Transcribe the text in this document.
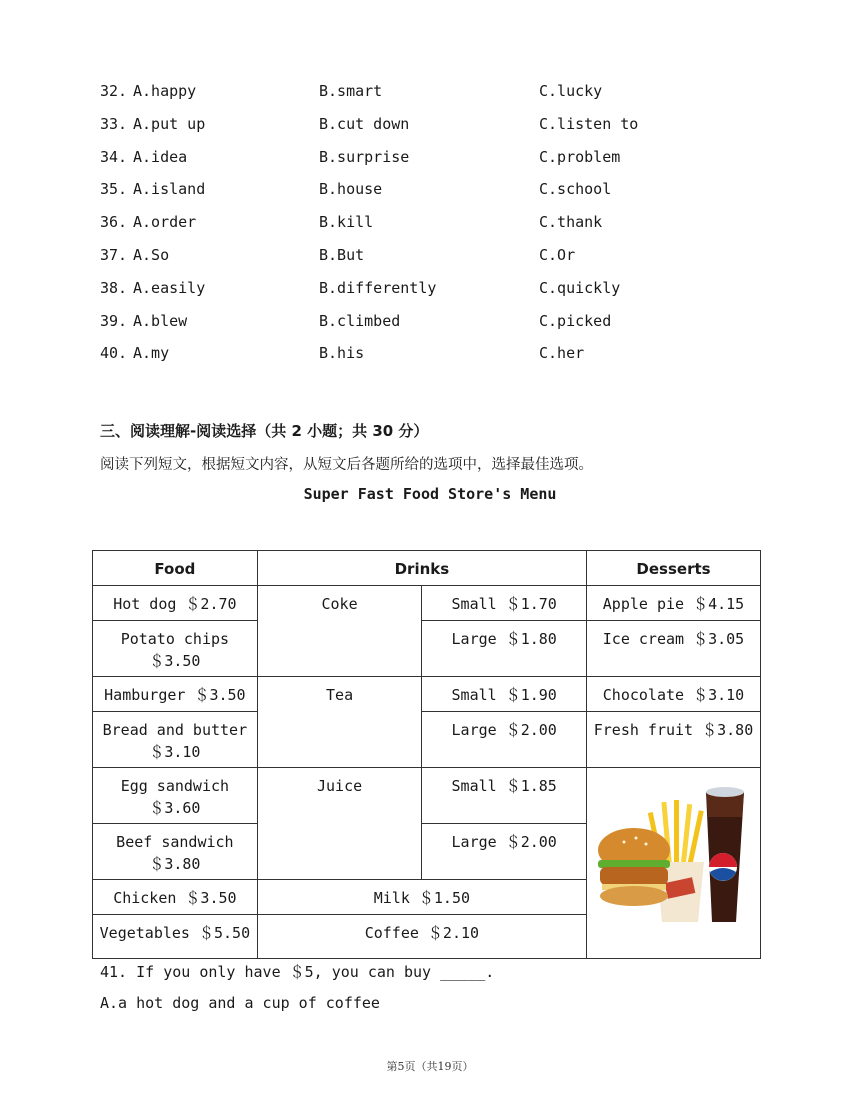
32. A.happy	B.smart	C.lucky
33. A.put up	B.cut down	C.listen to
34. A.idea	B.surprise	C.problem
35. A.island	B.house	C.school
36. A.order	B.kill	C.thank
37. A.So	B.But	C.Or
38. A.easily	B.differently	C.quickly
39. A.blew	B.climbed	C.picked
40. A.my	B.his	C.her
三、阅读理解-阅读选择（共 2 小题；共 30 分）
阅读下列短文，根据短文内容，从短文后各题所给的选项中，选择最佳选项。
Super Fast Food Store's Menu
Food	Drinks		Desserts
Hot dog ＄2.70	Coke	Small ＄1.70	Apple pie ＄4.15
Potato chips ＄3.50		Large ＄1.80	Ice cream ＄3.05
Hamburger ＄3.50	Tea	Small ＄1.90	Chocolate ＄3.10
Bread and butter ＄3.10		Large ＄2.00	Fresh fruit ＄3.80
Egg sandwich ＄3.60	Juice	Small ＄1.85	

Beef sandwich ＄3.80		Large ＄2.00	
Chicken ＄3.50	Milk ＄1.50		
Vegetables ＄5.50	Coffee ＄2.10		
41. If you only have ＄5, you can buy _____.
A.a hot dog and a cup of coffee
第5页（共19页）
